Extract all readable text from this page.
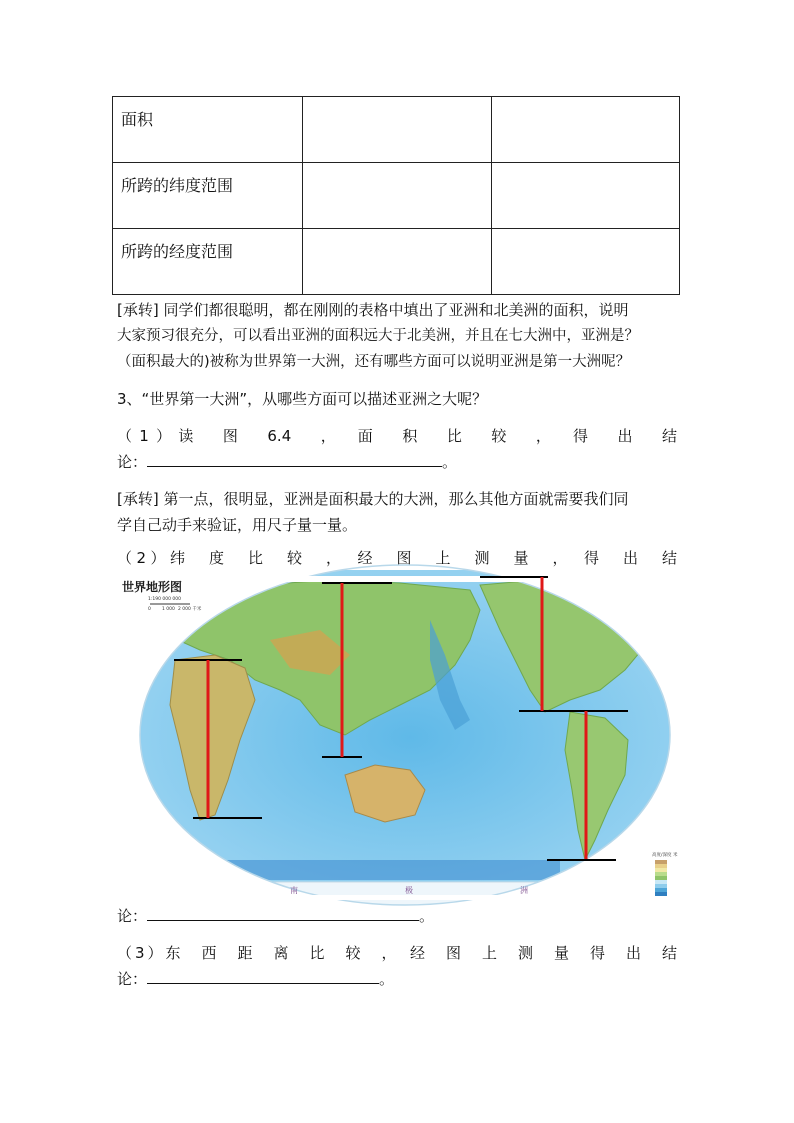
面积		
所跨的纬度范围		
所跨的经度范围		
[承转] 同学们都很聪明，都在刚刚的表格中填出了亚洲和北美洲的面积，说明
大家预习很充分，可以看出亚洲的面积远大于北美洲，并且在七大洲中，亚洲是？
（面积最大的)被称为世界第一大洲，还有哪些方面可以说明亚洲是第一大洲呢？
3、“世界第一大洲”，从哪些方面可以描述亚洲之大呢？
（1）读　图　6.4　，　面　积　比　较　，　得　出　结
论：	。
[承转] 第一点，很明显，亚洲是面积最大的大洲，那么其他方面就需要我们同
学自己动手来验证，用尺子量一量。
（2）纬　度　比　较　，　经　图　上　测　量　，　得　出　结
世界地形图
1:190 000 000
0 1 000 2 000 千米
高度/深度 米
南	极	洲
论：	。
（3）东　西　距　离　比　较　，　经　图　上　测　量　得　出　结
论：	。
